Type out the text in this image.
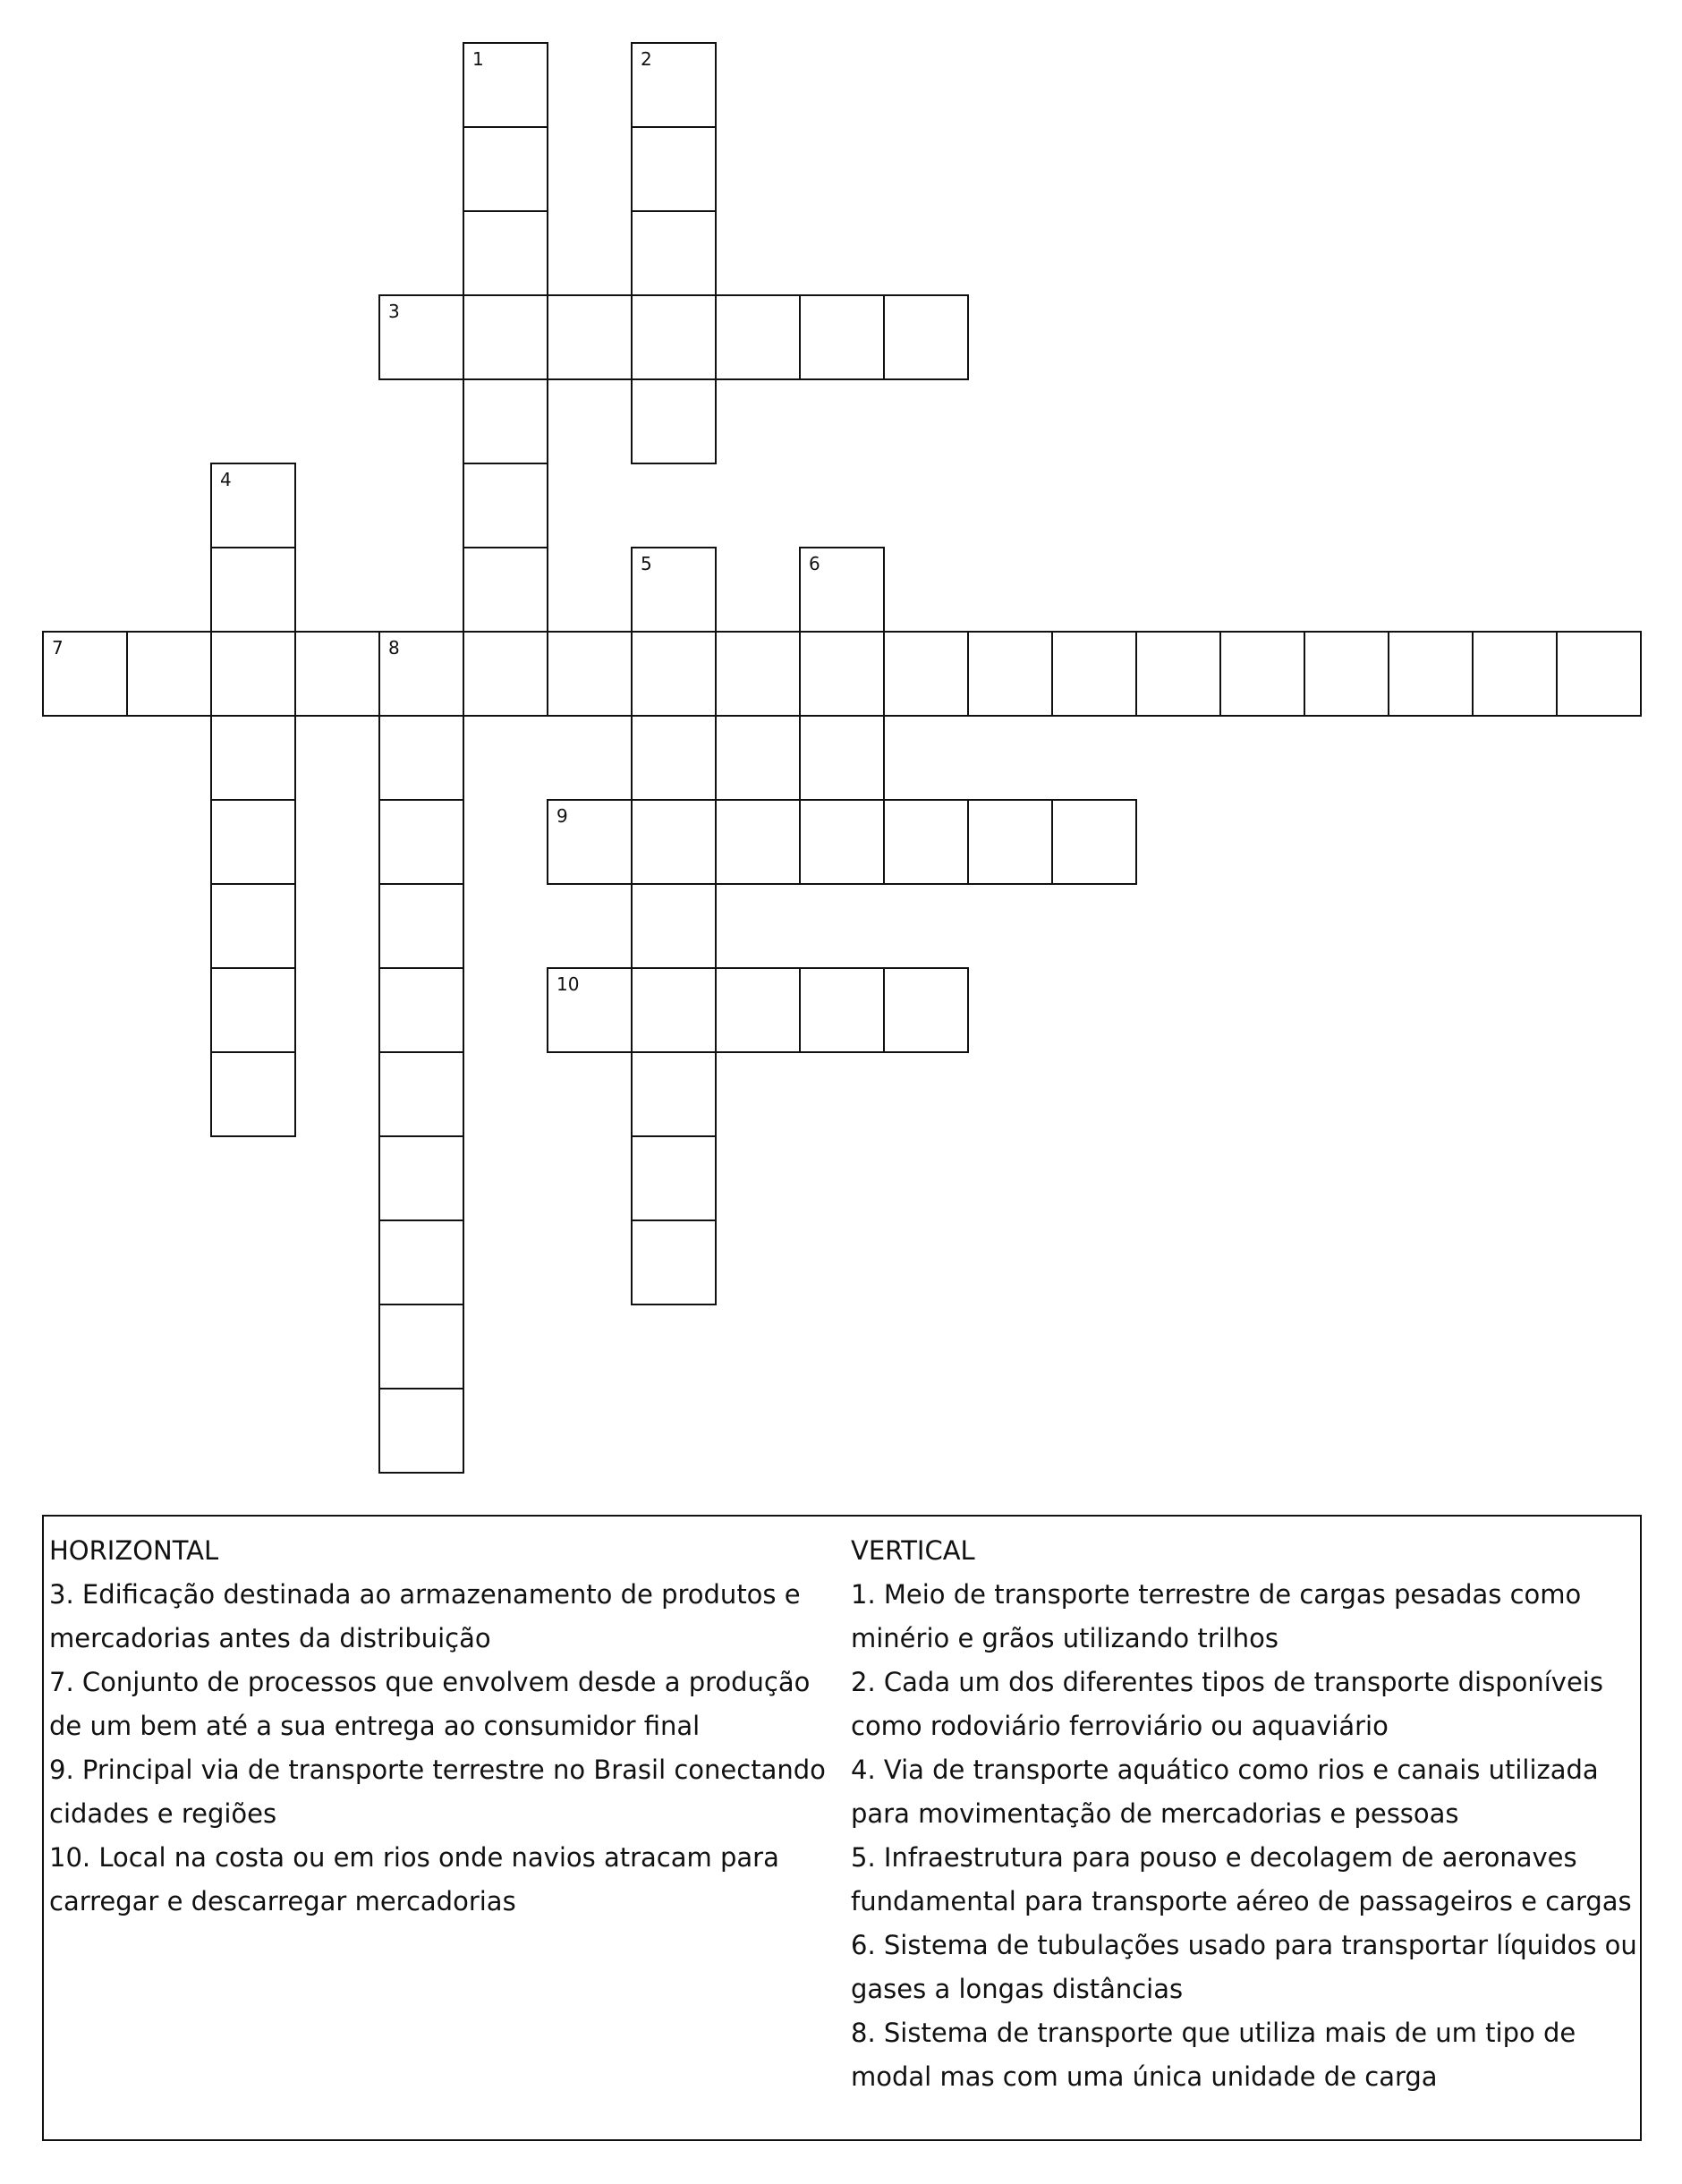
1	2
3
4
5	6
7	8
9
10

HORIZONTAL

3. Edificação destinada ao armazenamento de produtos e mercadorias antes da distribuição

7. Conjunto de processos que envolvem desde a produção de um bem até a sua entrega ao consumidor final

9. Principal via de transporte terrestre no Brasil conectando cidades e regiões

10. Local na costa ou em rios onde navios atracam para carregar e descarregar mercadorias

VERTICAL

1. Meio de transporte terrestre de cargas pesadas como minério e grãos utilizando trilhos

2. Cada um dos diferentes tipos de transporte disponíveis como rodoviário ferroviário ou aquaviário

4. Via de transporte aquático como rios e canais utilizada para movimentação de mercadorias e pessoas

5. Infraestrutura para pouso e decolagem de aeronaves fundamental para transporte aéreo de passageiros e cargas

6. Sistema de tubulações usado para transportar líquidos ou gases a longas distâncias

8. Sistema de transporte que utiliza mais de um tipo de modal mas com uma única unidade de carga
